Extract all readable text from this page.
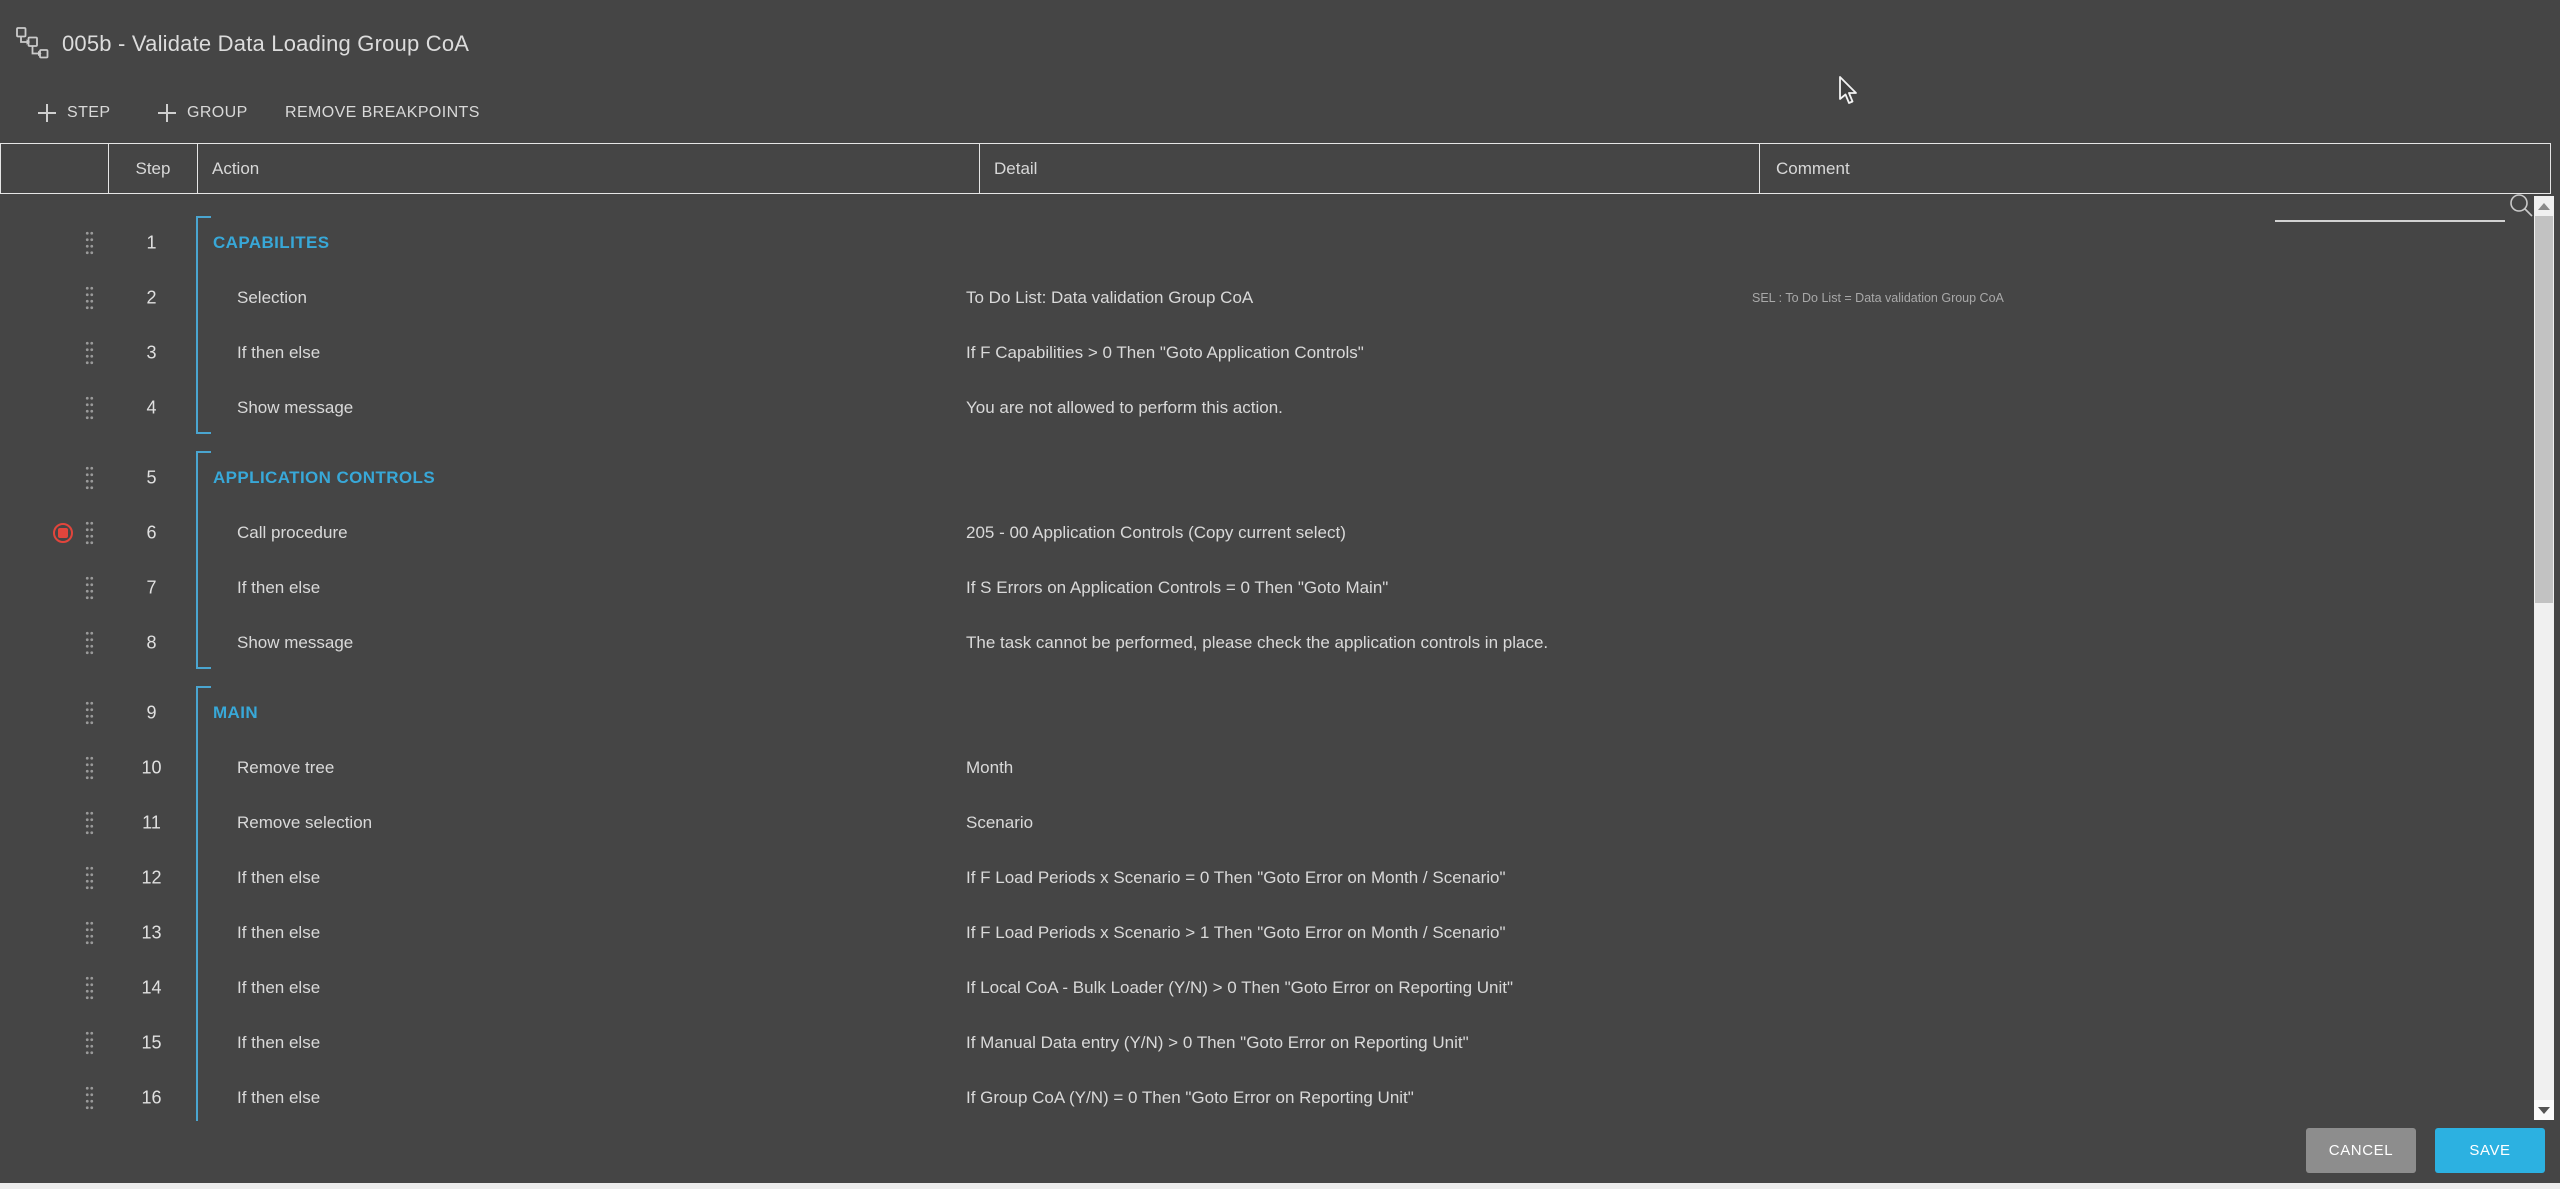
005b - Validate Data Loading Group CoA
STEP	GROUP REMOVE BREAKPOINTS
Step Action	Detail	Comment
1	CAPABILITES
2	Selection	To Do List: Data validation Group CoA	SEL : To Do List = Data validation Group CoA
3	If then else	If F Capabilities > 0 Then "Goto Application Controls"
4	Show message	You are not allowed to perform this action.
5	APPLICATION CONTROLS
6	Call procedure	205 - 00 Application Controls (Copy current select)
7	If then else	If S Errors on Application Controls = 0 Then "Goto Main"
8	Show message	The task cannot be performed, please check the application controls in place.
9	MAIN
10	Remove tree	Month
11	Remove selection	Scenario
12	If then else	If F Load Periods x Scenario = 0 Then "Goto Error on Month / Scenario"
13	If then else	If F Load Periods x Scenario > 1 Then "Goto Error on Month / Scenario"
14	If then else	If Local CoA - Bulk Loader (Y/N) > 0 Then "Goto Error on Reporting Unit"
15	If then else	If Manual Data entry (Y/N) > 0 Then "Goto Error on Reporting Unit"
16	If then else	If Group CoA (Y/N) = 0 Then "Goto Error on Reporting Unit"
CANCEL	SAVE
